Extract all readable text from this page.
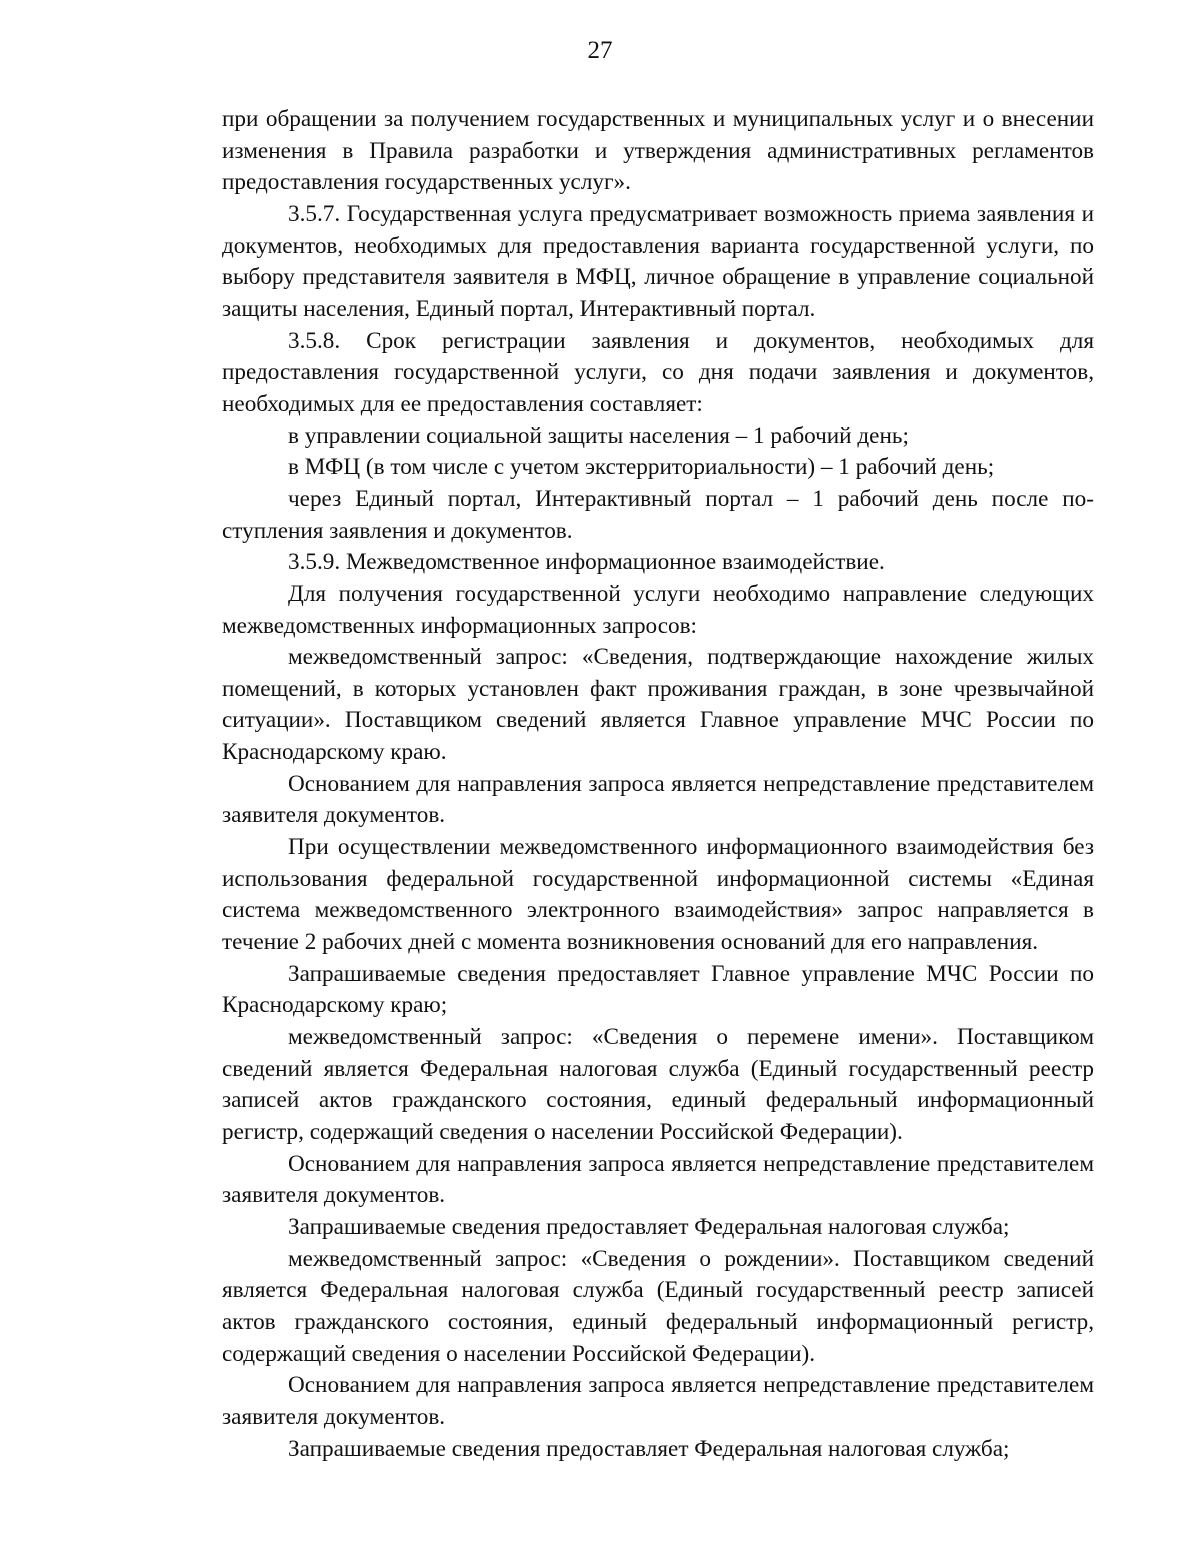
27

при обращении за получением государственных и муниципальных услуг и о внесении изменения в Правила разработки и утверждения административных регламентов предоставления государственных услуг».

3.5.7. Государственная услуга предусматривает возможность приема заявления и документов, необходимых для предоставления варианта государственной услуги, по выбору представителя заявителя в МФЦ, личное обращение в управление социальной защиты населения, Единый портал, Интерактивный портал.

3.5.8. Срок регистрации заявления и документов, необходимых для предоставления государственной услуги, со дня подачи заявления и документов, необходимых для ее предоставления составляет:

в управлении социальной защиты населения – 1 рабочий день;

в МФЦ (в том числе с учетом экстерриториальности) – 1 рабочий день;

через Единый портал, Интерактивный портал – 1 рабочий день после поступления заявления и документов.

3.5.9. Межведомственное информационное взаимодействие.

Для получения государственной услуги необходимо направление следующих межведомственных информационных запросов:

межведомственный запрос: «Сведения, подтверждающие нахождение жилых помещений, в которых установлен факт проживания граждан, в зоне чрезвычайной ситуации». Поставщиком сведений является Главное управление МЧС России по Краснодарскому краю.

Основанием для направления запроса является непредставление представителем заявителя документов.

При осуществлении межведомственного информационного взаимодействия без использования федеральной государственной информационной системы «Единая система межведомственного электронного взаимодействия» запрос направляется в течение 2 рабочих дней с момента возникновения оснований для его направления.

Запрашиваемые сведения предоставляет Главное управление МЧС России по Краснодарскому краю;

межведомственный запрос: «Сведения о перемене имени». Поставщиком сведений является Федеральная налоговая служба (Единый государственный реестр записей актов гражданского состояния, единый федеральный информационный регистр, содержащий сведения о населении Российской Федерации).

Основанием для направления запроса является непредставление представителем заявителя документов.

Запрашиваемые сведения предоставляет Федеральная налоговая служба;

межведомственный запрос: «Сведения о рождении». Поставщиком сведений является Федеральная налоговая служба (Единый государственный реестр записей актов гражданского состояния, единый федеральный информационный регистр, содержащий сведения о населении Российской Федерации).

Основанием для направления запроса является непредставление представителем заявителя документов.

Запрашиваемые сведения предоставляет Федеральная налоговая служба;
